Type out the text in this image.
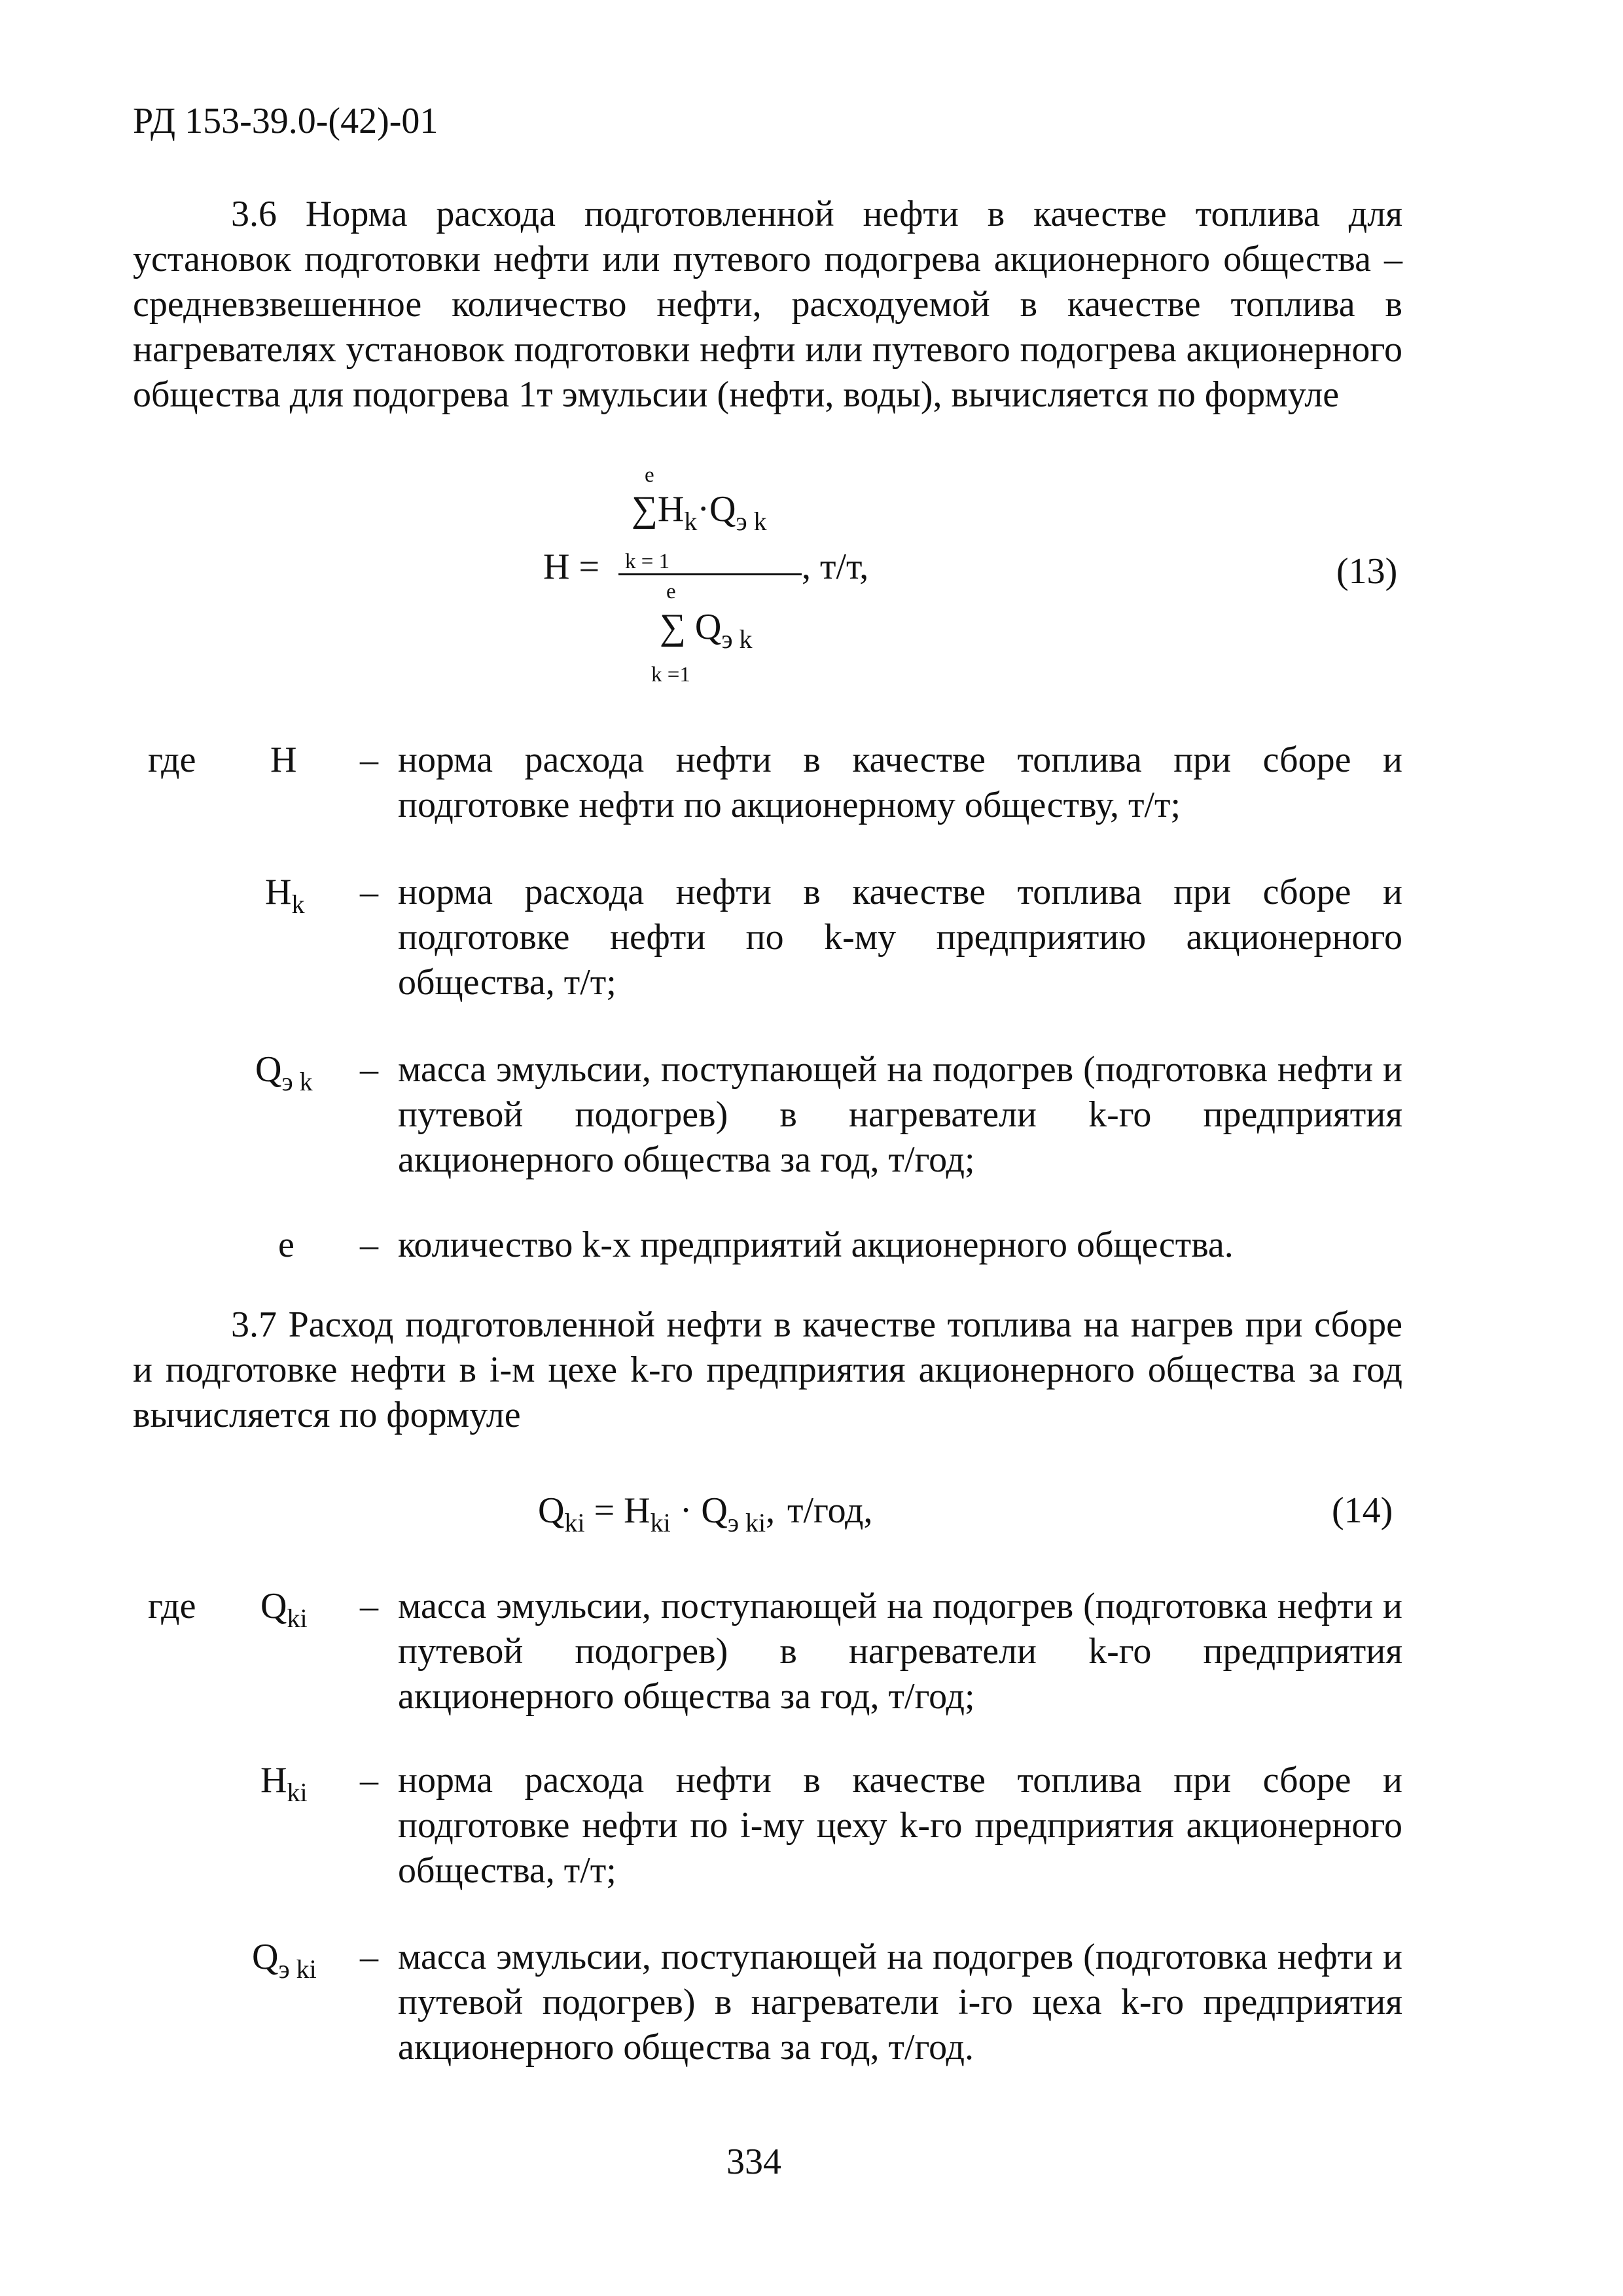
РД 153-39.0-(42)-01
3.6 Норма расхода подготовленной нефти в качестве топлива для установок подготовки нефти или путевого подогрева акционерного общества – средневзвешенное количество нефти, расходуемой в качестве топлива в нагревателях установок подготовки нефти или путевого подогрева акционерного общества для подогрева 1т эмульсии (нефти, воды), вычисляется по формуле
e
$\sum Н_k\cdot Q_{э k}$
Н = k = 1	, т/т,	(13)
e
∑ $Q_{э k}$
k =1
где Н – норма расхода нефти в качестве топлива при сборе и подготовке нефти по акционерному обществу, т/т;
$Н_k$ – норма расхода нефти в качестве топлива при сборе и подготовке нефти по k-му предприятию акционерного общества, т/т;
$Q_{э k}$ – масса эмульсии, поступающей на подогрев (подготовка нефти и путевой подогрев) в нагреватели k-го предприятия акционерного общества за год, т/год;
e – количество k-х предприятий акционерного общества.
3.7 Расход подготовленной нефти в качестве топлива на нагрев при сборе и подготовке нефти в i-м цехе k-го предприятия акционерного общества за год вычисляется по формуле
$Q_{ki} = Н_{ki} \cdot Q_{э ki}$, т/год,	(14)
где $Q_{ki}$ – масса эмульсии, поступающей на подогрев (подготовка нефти и путевой подогрев) в нагреватели k-го предприятия акционерного общества за год, т/год;
$Н_{ki}$ – норма расхода нефти в качестве топлива при сборе и подготовке нефти по i-му цеху k-го предприятия акционерного общества, т/т;
$Q_{э ki}$ – масса эмульсии, поступающей на подогрев (подготовка нефти и путевой подогрев) в нагреватели i-го цеха k-го предприятия акционерного общества за год, т/год.
334
